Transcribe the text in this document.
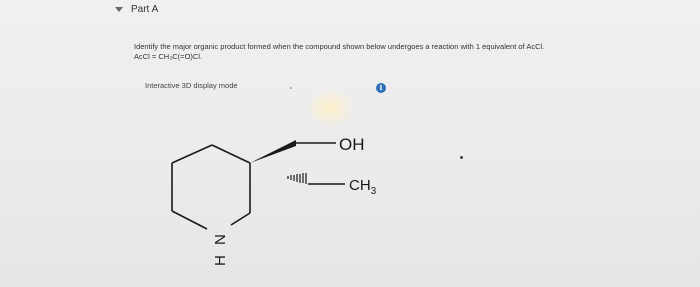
Part A
Identify the major organic product formed when the compound shown below undergoes a reaction with 1 equivalent of AcCl.
AcCl = CH₃C(=O)Cl.
Interactive 3D display mode	i
OH
$CH_3$
N
H
